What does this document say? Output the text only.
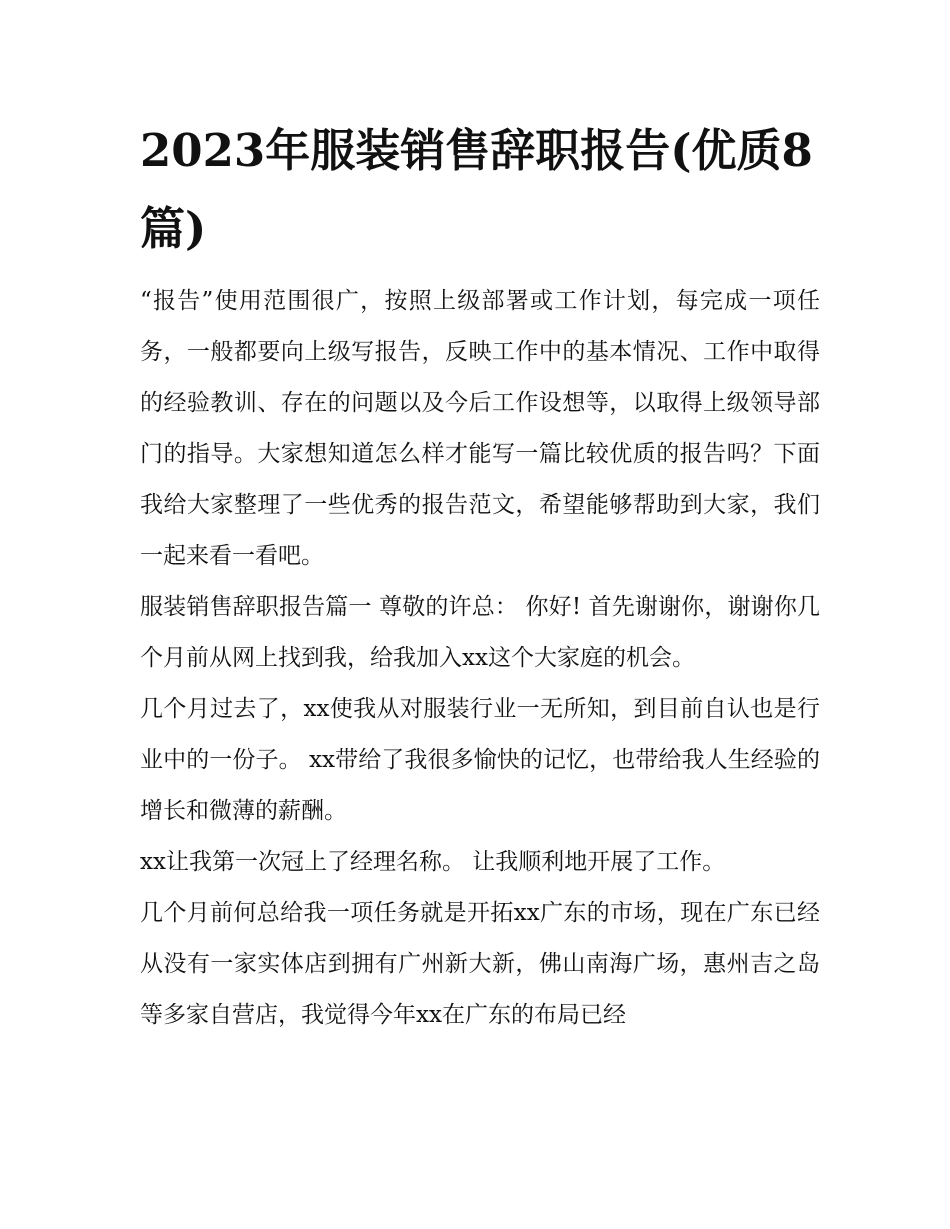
2023年服装销售辞职报告(优质8篇)

“报告”使用范围很广，按照上级部署或工作计划，每完成一项任务，一般都要向上级写报告，反映工作中的基本情况、工作中取得的经验教训、存在的问题以及今后工作设想等，以取得上级领导部门的指导。大家想知道怎么样才能写一篇比较优质的报告吗？下面我给大家整理了一些优秀的报告范文，希望能够帮助到大家，我们一起来看一看吧。

服装销售辞职报告篇一 尊敬的许总： 你好! 首先谢谢你，谢谢你几个月前从网上找到我，给我加入xx这个大家庭的机会。

几个月过去了，xx使我从对服装行业一无所知，到目前自认也是行业中的一份子。 xx带给了我很多愉快的记忆，也带给我人生经验的增长和微薄的薪酬。

xx让我第一次冠上了经理名称。 让我顺利地开展了工作。

几个月前何总给我一项任务就是开拓xx广东的市场，现在广东已经从没有一家实体店到拥有广州新大新，佛山南海广场，惠州吉之岛等多家自营店，我觉得今年xx在广东的布局已经
